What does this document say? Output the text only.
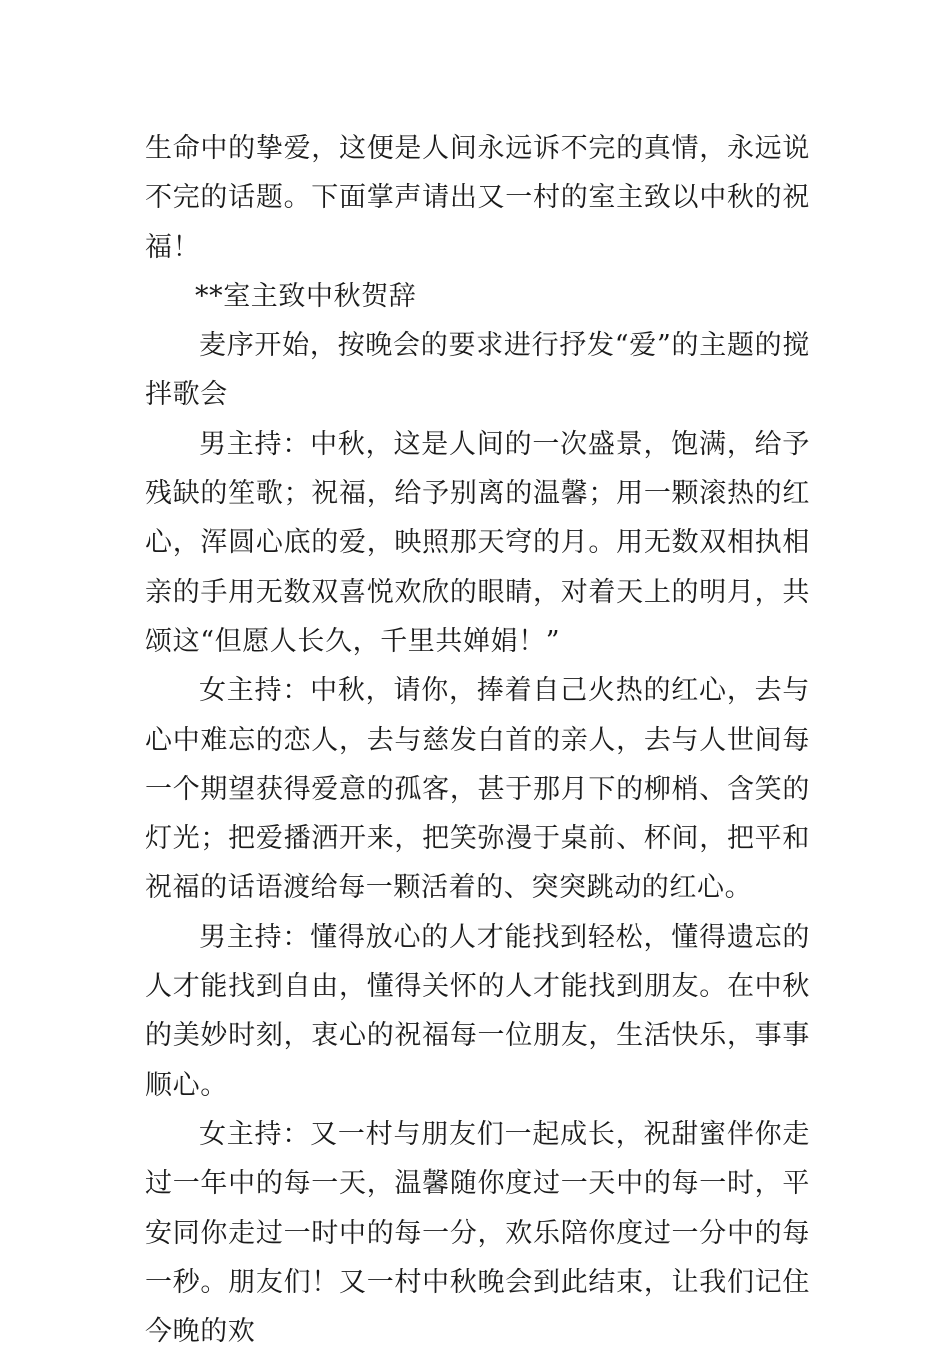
生命中的挚爱，这便是人间永远诉不完的真情，永远说不完的话题。下面掌声请出又一村的室主致以中秋的祝福！

**室主致中秋贺辞

麦序开始，按晚会的要求进行抒发“爱”的主题的搅拌歌会

男主持：中秋，这是人间的一次盛景，饱满，给予残缺的笙歌；祝福，给予别离的温馨；用一颗滚热的红心，浑圆心底的爱，映照那天穹的月。用无数双相执相亲的手用无数双喜悦欢欣的眼睛，对着天上的明月，共颂这“但愿人长久，千里共婵娟！”

女主持：中秋，请你，捧着自己火热的红心，去与心中难忘的恋人，去与慈发白首的亲人，去与人世间每一个期望获得爱意的孤客，甚于那月下的柳梢、含笑的灯光；把爱播洒开来，把笑弥漫于桌前、杯间，把平和祝福的话语渡给每一颗活着的、突突跳动的红心。

男主持：懂得放心的人才能找到轻松，懂得遗忘的人才能找到自由，懂得关怀的人才能找到朋友。在中秋的美妙时刻，衷心的祝福每一位朋友，生活快乐，事事顺心。

女主持：又一村与朋友们一起成长，祝甜蜜伴你走过一年中的每一天，温馨随你度过一天中的每一时，平安同你走过一时中的每一分，欢乐陪你度过一分中的每一秒。朋友们！又一村中秋晚会到此结束，让我们记住今晚的欢
